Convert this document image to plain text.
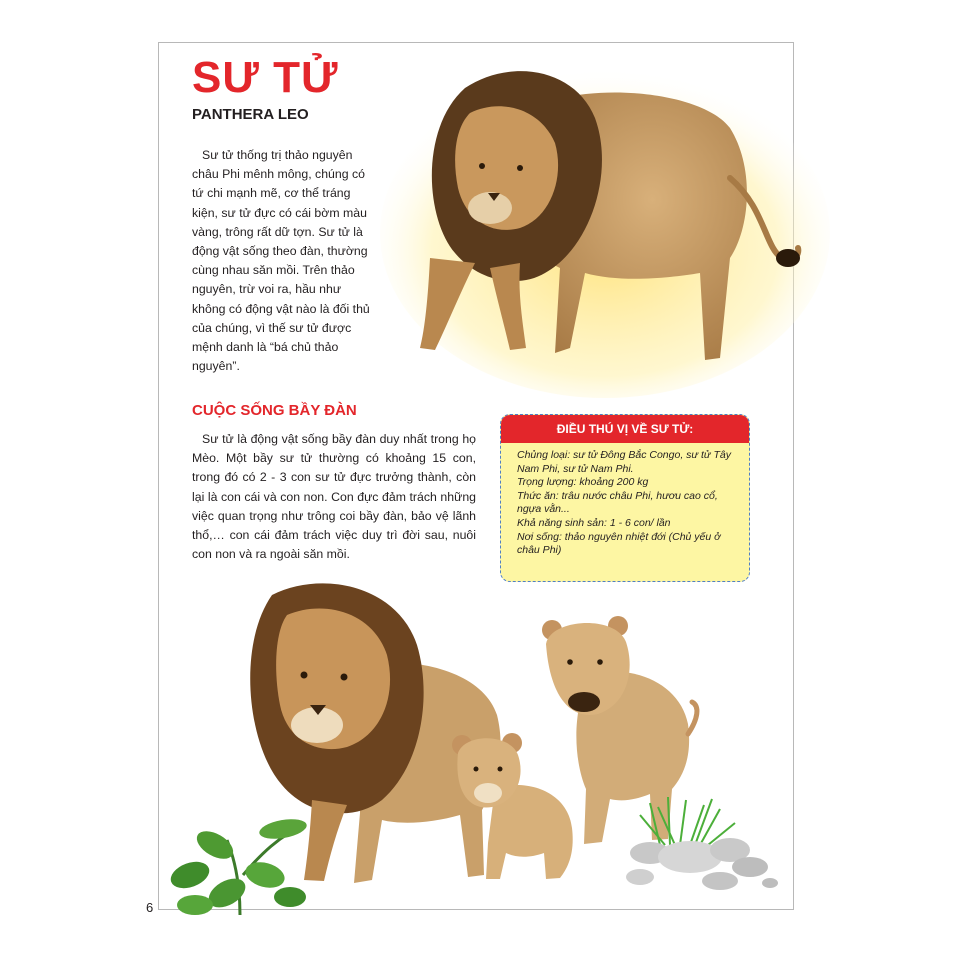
SƯ TỬ
PANTHERA LEO

Sư tử thống trị thảo nguyên châu Phi mênh mông, chúng có tứ chi mạnh mẽ, cơ thể tráng kiện, sư tử đực có cái bờm màu vàng, trông rất dữ tợn. Sư tử là động vật sống theo đàn, thường cùng nhau săn mồi. Trên thảo nguyên, trừ voi ra, hầu như không có động vật nào là đối thủ của chúng, vì thế sư tử được mệnh danh là “bá chủ thảo nguyên”.

CUỘC SỐNG BẦY ĐÀN

Sư tử là động vật sống bầy đàn duy nhất trong họ Mèo. Một bầy sư tử thường có khoảng 15 con, trong đó có 2 - 3 con sư tử đực trưởng thành, còn lại là con cái và con non. Con đực đảm trách những việc quan trọng như trông coi bầy đàn, bảo vệ lãnh thổ,… con cái đảm trách việc duy trì đời sau, nuôi con non và ra ngoài săn mồi.

ĐIỀU THÚ VỊ VỀ SƯ TỬ:
Chủng loại: sư tử Đông Bắc Congo, sư tử Tây Nam Phi, sư tử Nam Phi.
Trọng lượng: khoảng 200 kg
Thức ăn: trâu nước châu Phi, hươu cao cổ, ngựa vằn...
Khả năng sinh sản: 1 - 6 con/ lần
Nơi sống: thảo nguyên nhiệt đới (Chủ yếu ở châu Phi)
6
